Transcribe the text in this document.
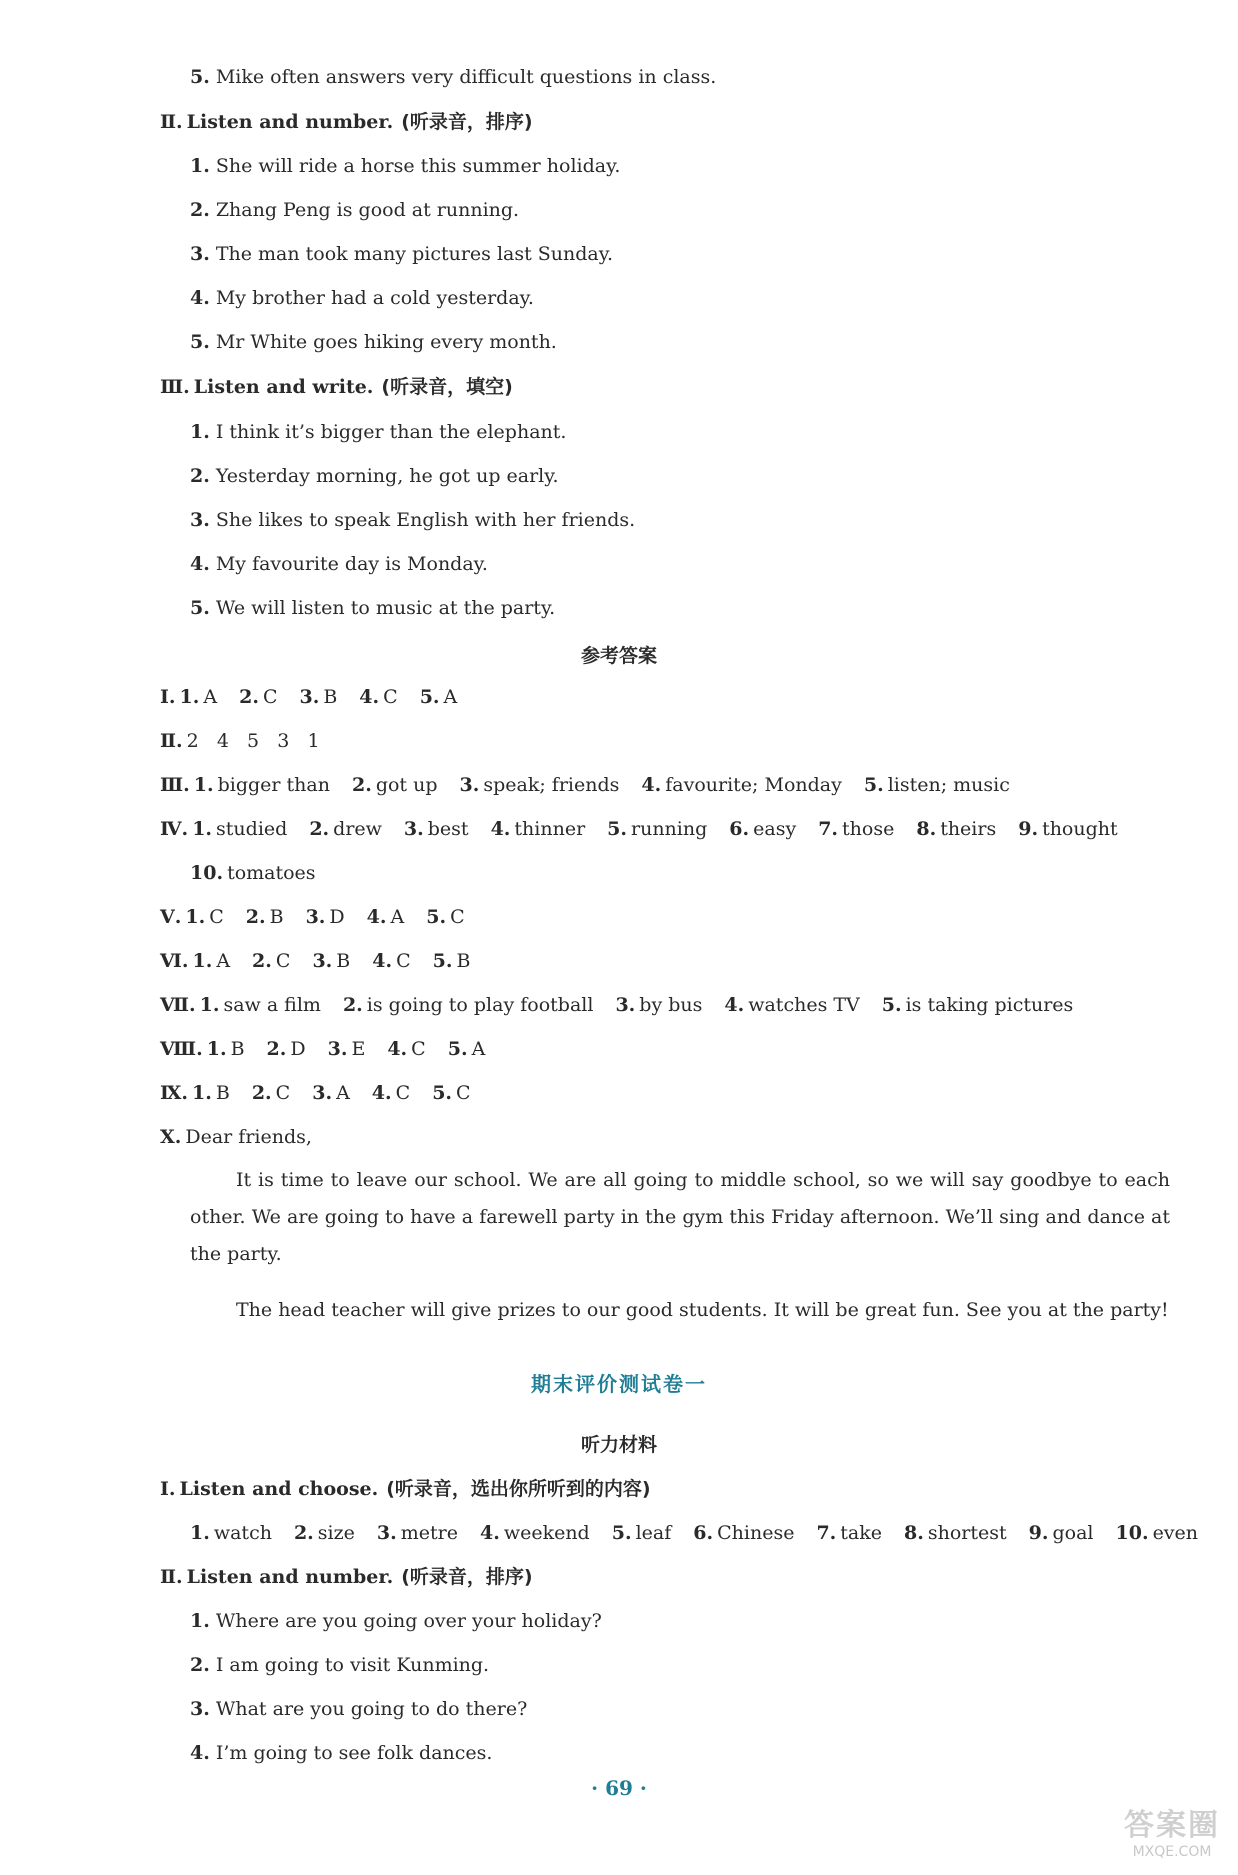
5. Mike often answers very difficult questions in class.
Ⅱ. Listen and number. (听录音，排序)
1. She will ride a horse this summer holiday.
2. Zhang Peng is good at running.
3. The man took many pictures last Sunday.
4. My brother had a cold yesterday.
5. Mr White goes hiking every month.
Ⅲ. Listen and write. (听录音，填空)
1. I think it’s bigger than the elephant.
2. Yesterday morning, he got up early.
3. She likes to speak English with her friends.
4. My favourite day is Monday.
5. We will listen to music at the party.
参考答案
Ⅰ. 1. A 2. C 3. B 4. C 5. A
Ⅱ. 2   4   5   3   1
Ⅲ. 1. bigger than 2. got up 3. speak; friends 4. favourite; Monday 5. listen; music
Ⅳ. 1. studied 2. drew 3. best 4. thinner 5. running 6. easy 7. those 8. theirs 9. thought
10. tomatoes
Ⅴ. 1. C 2. B 3. D 4. A 5. C
Ⅵ. 1. A 2. C 3. B 4. C 5. B
Ⅶ. 1. saw a film 2. is going to play football 3. by bus 4. watches TV 5. is taking pictures
Ⅷ. 1. B 2. D 3. E 4. C 5. A
Ⅸ. 1. B 2. C 3. A 4. C 5. C
Ⅹ. Dear friends,
It is time to leave our school. We are all going to middle school, so we will say goodbye to each other. We are going to have a farewell party in the gym this Friday afternoon. We’ll sing and dance at the party.
The head teacher will give prizes to our good students. It will be great fun. See you at the party!
期末评价测试卷一
听力材料
Ⅰ. Listen and choose. (听录音，选出你所听到的内容)
1. watch 2. size 3. metre 4. weekend 5. leaf 6. Chinese 7. take 8. shortest 9. goal 10. even
Ⅱ. Listen and number. (听录音，排序)
1. Where are you going over your holiday?
2. I am going to visit Kunming.
3. What are you going to do there?
4. I’m going to see folk dances.
· 69 ·
答案圈
MXQE.COM
